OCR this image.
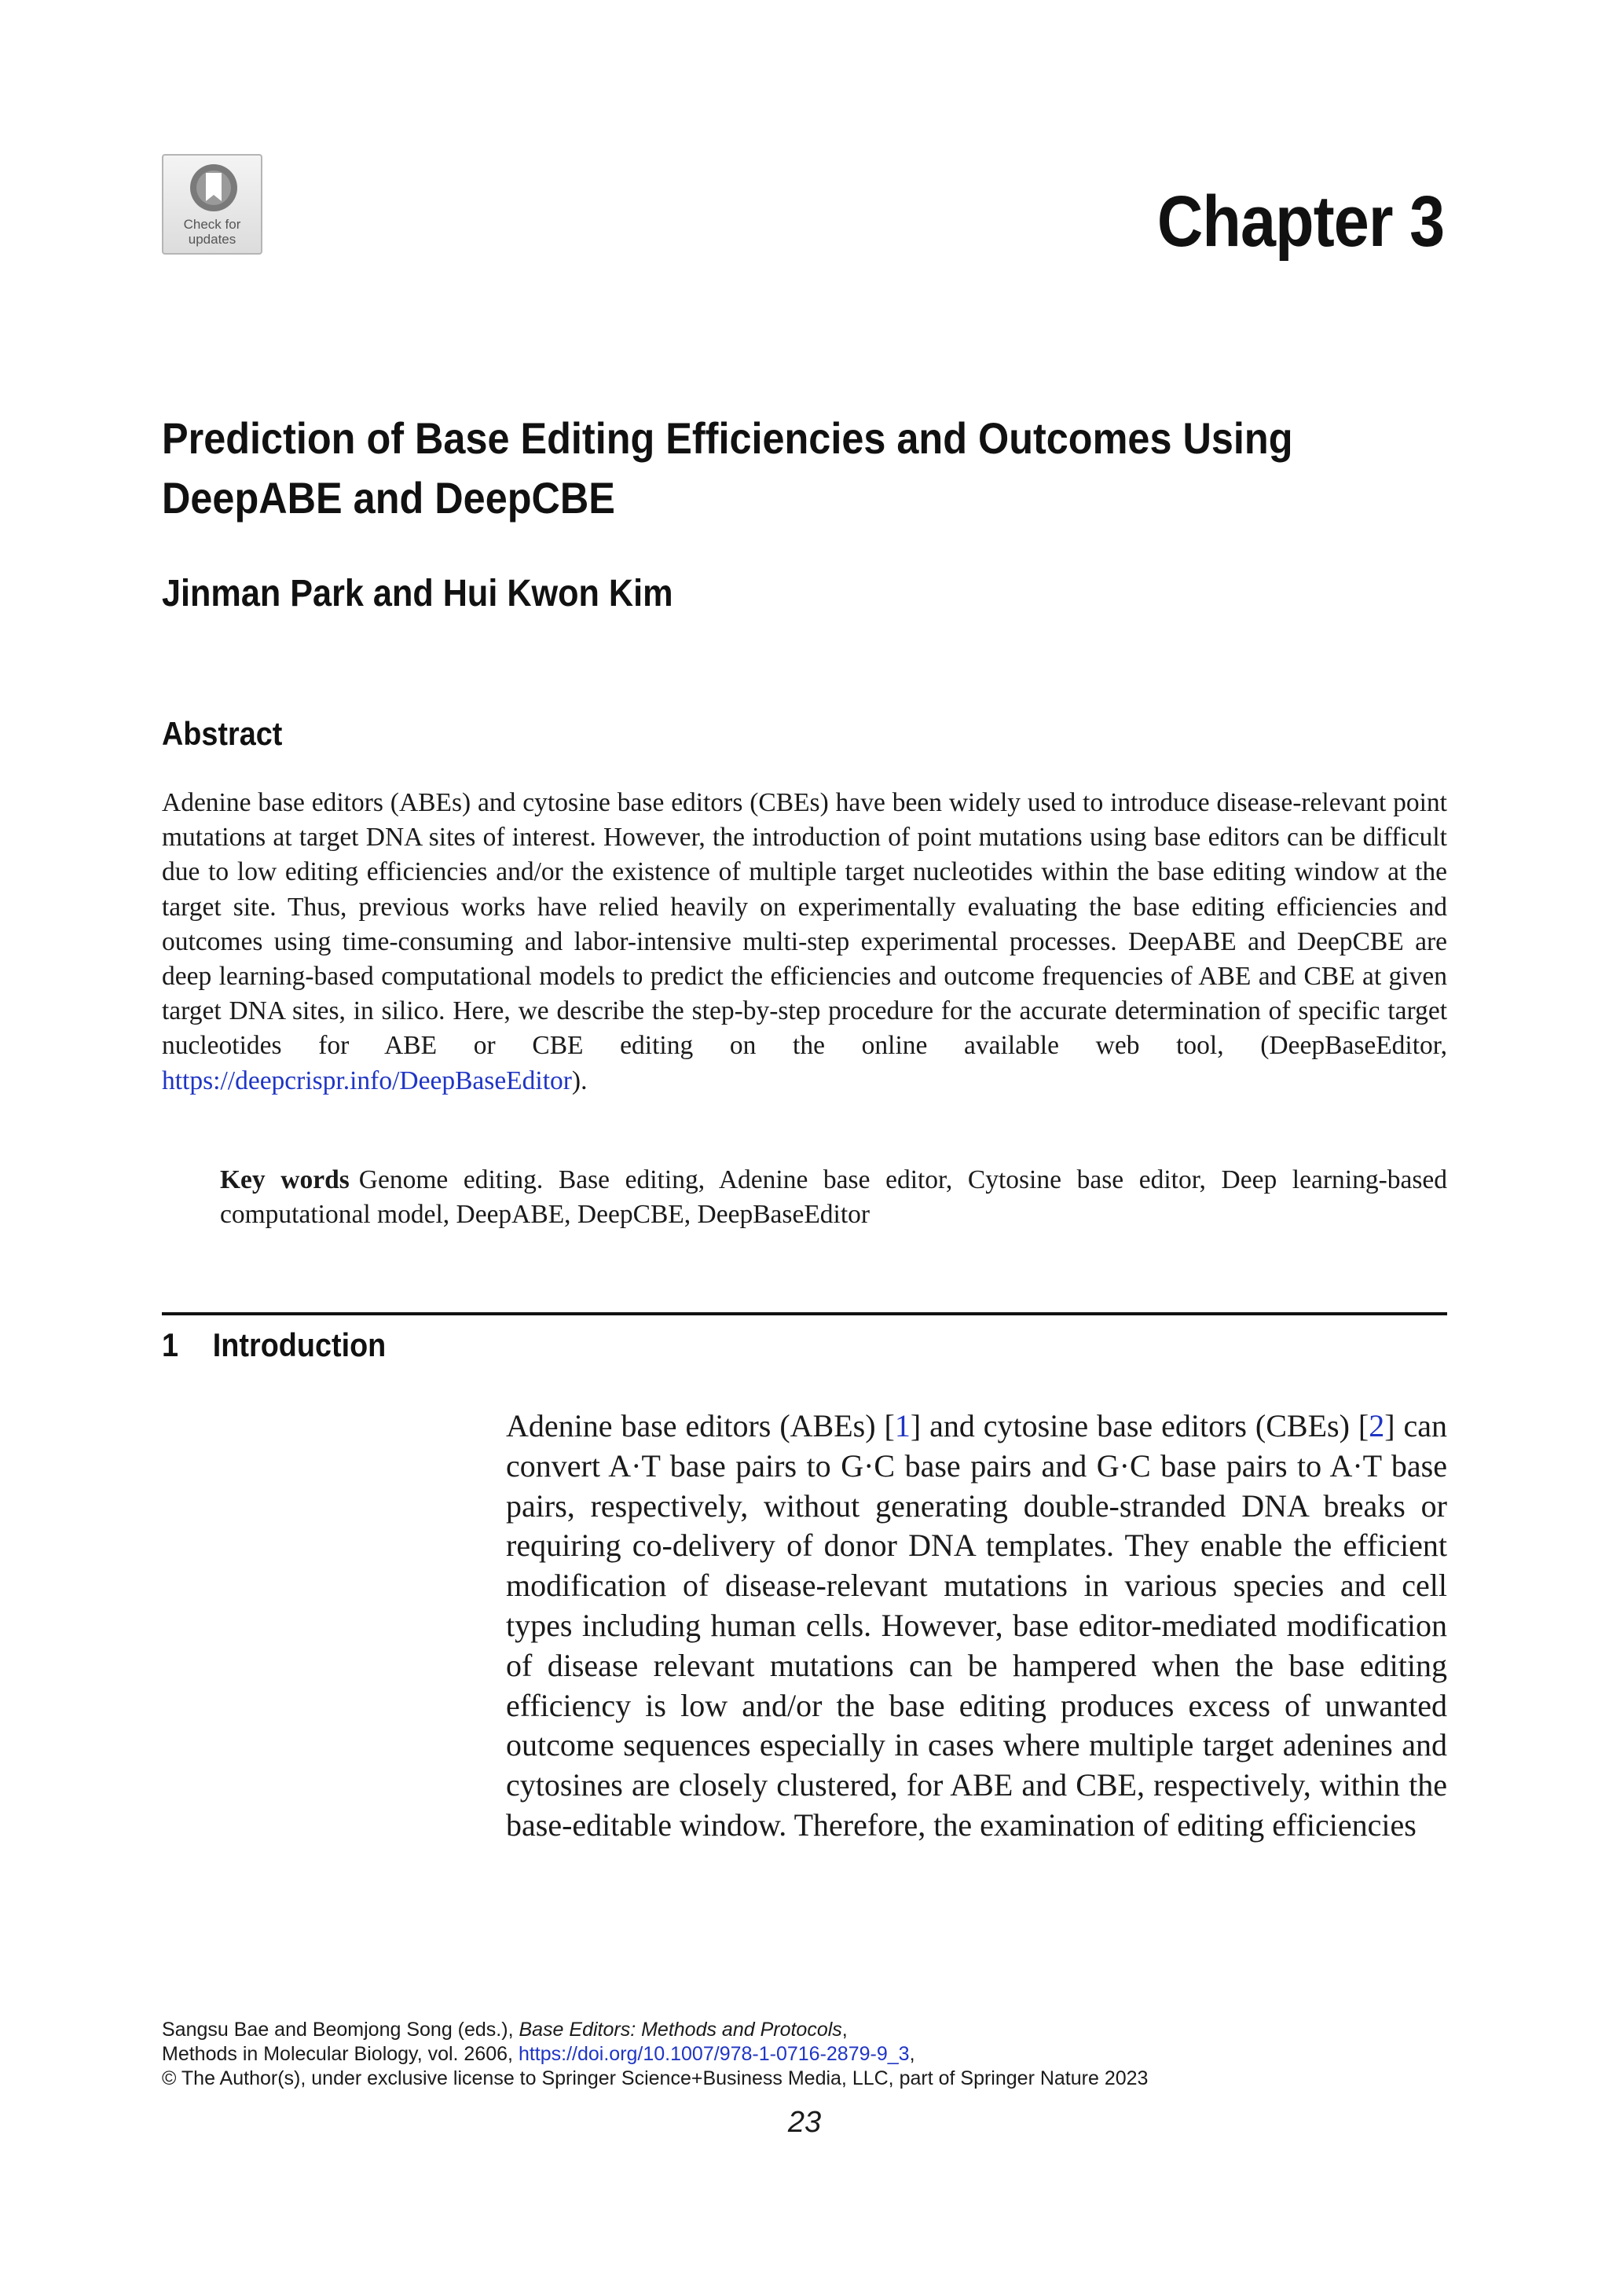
Check for
updates	Chapter 3
Prediction of Base Editing Efficiencies and Outcomes Using
DeepABE and DeepCBE
Jinman Park and Hui Kwon Kim
Abstract

Adenine base editors (ABEs) and cytosine base editors (CBEs) have been widely used to introduce disease-relevant point mutations at target DNA sites of interest. However, the introduction of point mutations using base editors can be difficult due to low editing efficiencies and/or the existence of multiple target nucleotides within the base editing window at the target site. Thus, previous works have relied heavily on experimentally evaluating the base editing efficiencies and outcomes using time-consuming and labor-intensive multi-step experimental processes. DeepABE and DeepCBE are deep learning-based computational models to predict the efficiencies and outcome frequencies of ABE and CBE at given target DNA sites, in silico. Here, we describe the step-by-step procedure for the accurate determination of specific target nucleotides for ABE or CBE editing on the online available web tool, (DeepBaseEditor, https://deepcrispr.info/DeepBaseEditor).

Key words Genome editing. Base editing, Adenine base editor, Cytosine base editor, Deep learning-based computational model, DeepABE, DeepCBE, DeepBaseEditor

1 Introduction

Adenine base editors (ABEs) [1] and cytosine base editors (CBEs) [2] can convert A·T base pairs to G·C base pairs and G·C base pairs to A·T base pairs, respectively, without generating double-stranded DNA breaks or requiring co-delivery of donor DNA templates. They enable the efficient modification of disease-relevant mutations in various species and cell types including human cells. However, base editor-mediated modification of disease relevant mutations can be hampered when the base editing efficiency is low and/or the base editing produces excess of unwanted outcome sequences especially in cases where multiple target adenines and cytosines are closely clustered, for ABE and CBE, respectively, within the base-editable window. Therefore, the examination of editing efficiencies

Sangsu Bae and Beomjong Song (eds.), Base Editors: Methods and Protocols,
Methods in Molecular Biology, vol. 2606, https://doi.org/10.1007/978-1-0716-2879-9_3,
© The Author(s), under exclusive license to Springer Science+Business Media, LLC, part of Springer Nature 2023
23
